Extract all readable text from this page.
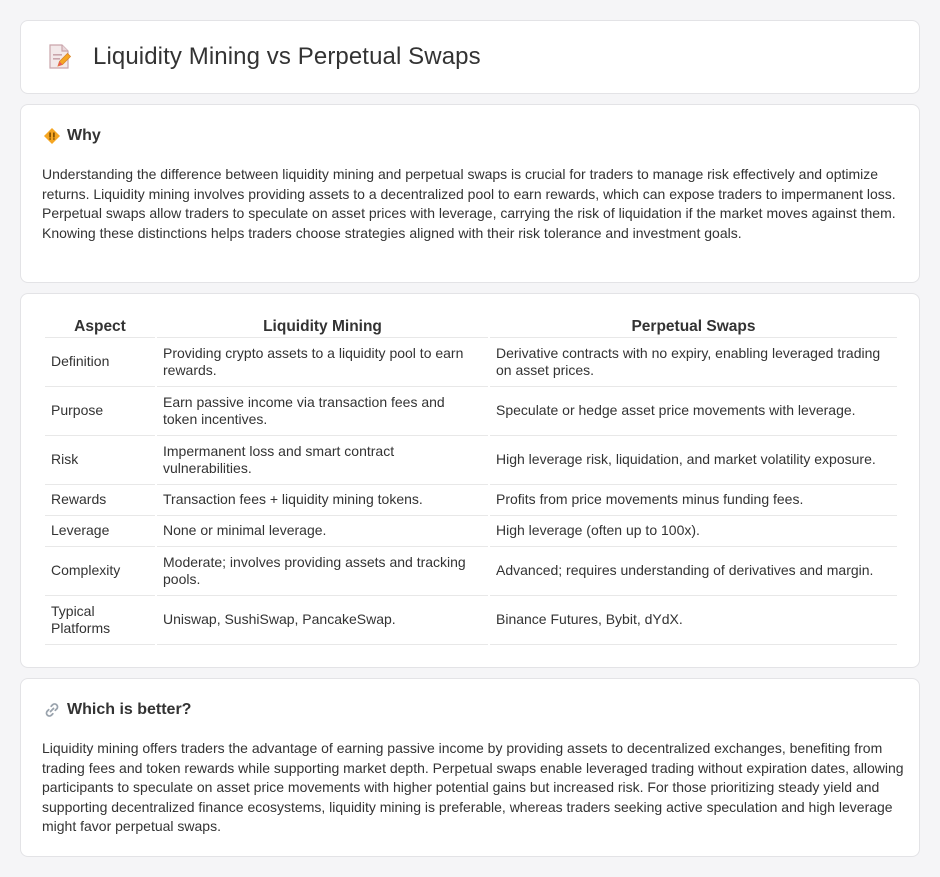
Liquidity Mining vs Perpetual Swaps
Why

Understanding the difference between liquidity mining and perpetual swaps is crucial for traders to manage risk effectively and optimize returns. Liquidity mining involves providing assets to a decentralized pool to earn rewards, which can expose traders to impermanent loss. Perpetual swaps allow traders to speculate on asset prices with leverage, carrying the risk of liquidation if the market moves against them. Knowing these distinctions helps traders choose strategies aligned with their risk tolerance and investment goals.

Aspect	Liquidity Mining	Perpetual Swaps
Definition	Providing crypto assets to a liquidity pool to earn rewards.	Derivative contracts with no expiry, enabling leveraged trading on asset prices.
Purpose	Earn passive income via transaction fees and token incentives.	Speculate or hedge asset price movements with leverage.
Risk	Impermanent loss and smart contract vulnerabilities.	High leverage risk, liquidation, and market volatility exposure.
Rewards	Transaction fees + liquidity mining tokens.	Profits from price movements minus funding fees.
Leverage	None or minimal leverage.	High leverage (often up to 100x).
Complexity	Moderate; involves providing assets and tracking pools.	Advanced; requires understanding of derivatives and margin.
Typical Platforms	Uniswap, SushiSwap, PancakeSwap.	Binance Futures, Bybit, dYdX.
Which is better?

Liquidity mining offers traders the advantage of earning passive income by providing assets to decentralized exchanges, benefiting from trading fees and token rewards while supporting market depth. Perpetual swaps enable leveraged trading without expiration dates, allowing participants to speculate on asset price movements with higher potential gains but increased risk. For those prioritizing steady yield and supporting decentralized finance ecosystems, liquidity mining is preferable, whereas traders seeking active speculation and high leverage might favor perpetual swaps.
